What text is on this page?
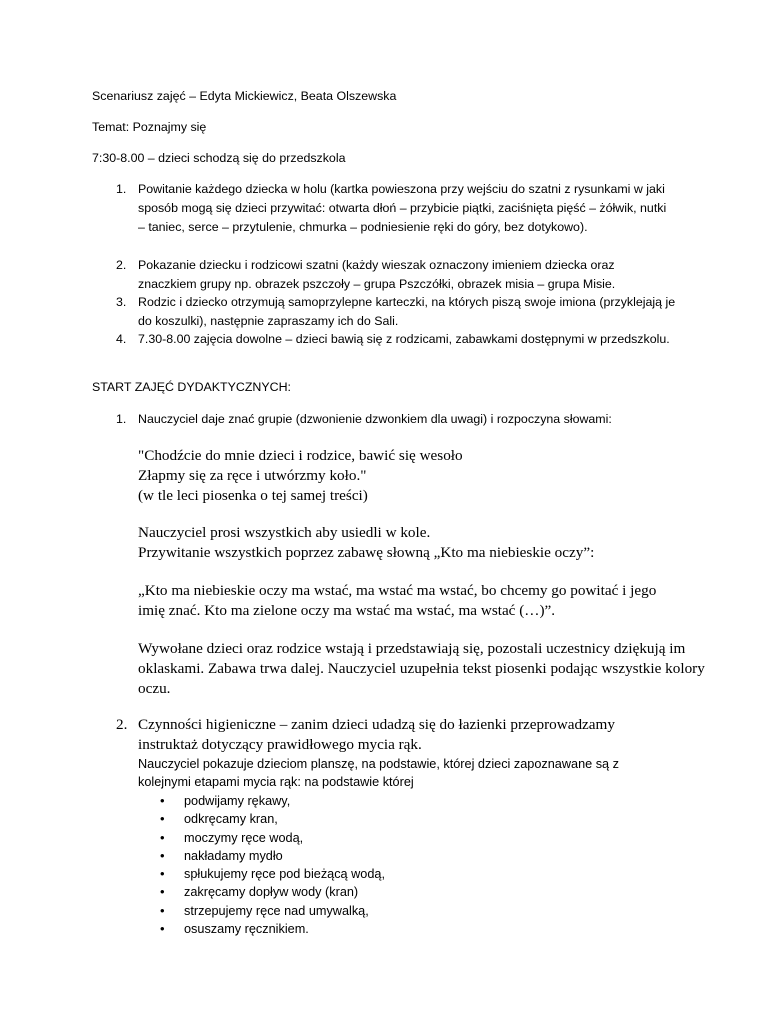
Scenariusz zajęć – Edyta Mickiewicz, Beata Olszewska

Temat: Poznajmy się

7:30-8.00 – dzieci schodzą się do przedszkola

1. Powitanie każdego dziecka w holu (kartka powieszona przy wejściu do szatni z rysunkami w jaki sposób mogą się dzieci przywitać: otwarta dłoń – przybicie piątki, zaciśnięta pięść – żółwik, nutki – taniec, serce – przytulenie, chmurka – podniesienie ręki do góry, bez dotykowo).

2. Pokazanie dziecku i rodzicowi szatni (każdy wieszak oznaczony imieniem dziecka oraz znaczkiem grupy np. obrazek pszczoły – grupa Pszczółki, obrazek misia – grupa Misie.

3. Rodzic i dziecko otrzymują samoprzylepne karteczki, na których piszą swoje imiona (przyklejają je do koszulki), następnie zapraszamy ich do Sali.

4. 7.30-8.00 zajęcia dowolne – dzieci bawią się z rodzicami, zabawkami dostępnymi w przedszkolu.

START ZAJĘĆ DYDAKTYCZNYCH:

1. Nauczyciel daje znać grupie (dzwonienie dzwonkiem dla uwagi) i rozpoczyna słowami:

"Chodźcie do mnie dzieci i rodzice, bawić się wesoło

Złapmy się za ręce i utwórzmy koło."

(w tle leci piosenka o tej samej treści)

Nauczyciel prosi wszystkich aby usiedli w kole.

Przywitanie wszystkich poprzez zabawę słowną „Kto ma niebieskie oczy”:

„Kto ma niebieskie oczy ma wstać, ma wstać ma wstać, bo chcemy go powitać i jego imię znać. Kto ma zielone oczy ma wstać ma wstać, ma wstać (…)”.

Wywołane dzieci oraz rodzice wstają i przedstawiają się, pozostali uczestnicy dziękują im oklaskami. Zabawa trwa dalej. Nauczyciel uzupełnia tekst piosenki podając wszystkie kolory oczu.

2. Czynności higieniczne – zanim dzieci udadzą się do łazienki przeprowadzamy instruktaż dotyczący prawidłowego mycia rąk.

Nauczyciel pokazuje dzieciom planszę, na podstawie, której dzieci zapoznawane są z kolejnymi etapami mycia rąk: na podstawie której

• podwijamy rękawy,
• odkręcamy kran,
• moczymy ręce wodą,
• nakładamy mydło
• spłukujemy ręce pod bieżącą wodą,
• zakręcamy dopływ wody (kran)
• strzepujemy ręce nad umywalką,
• osuszamy ręcznikiem.
